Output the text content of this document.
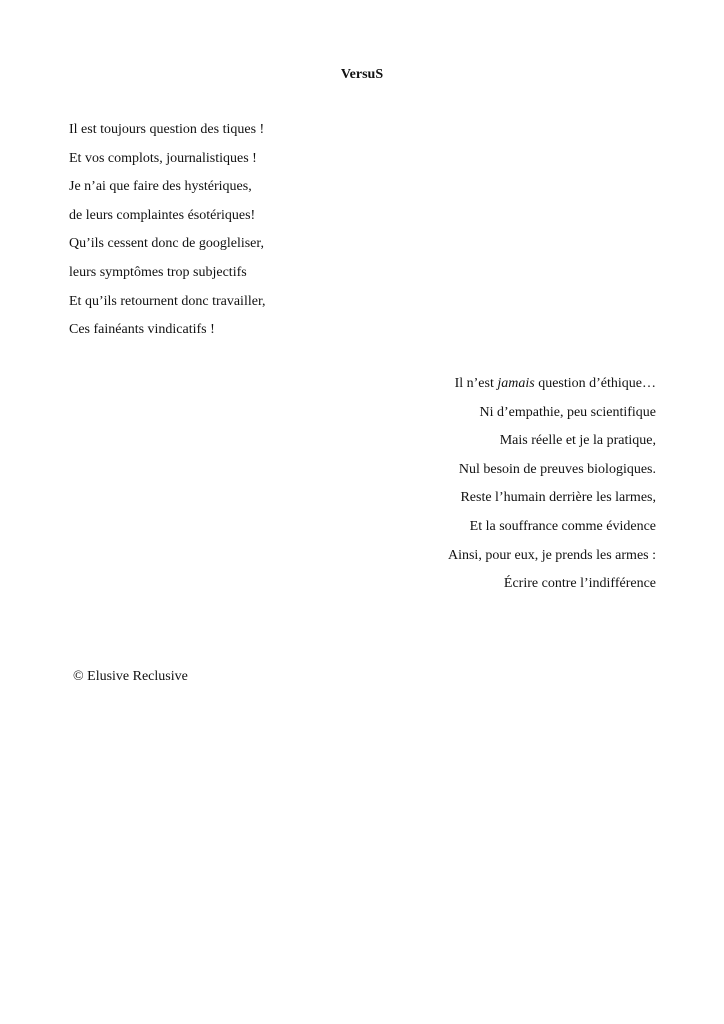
VersuS
Il est toujours question des tiques !
Et vos complots, journalistiques !
Je n’ai que faire des hystériques,
de leurs complaintes ésotériques!
Qu’ils cessent donc de googleliser,
leurs symptômes trop subjectifs
Et qu’ils retournent donc travailler,
Ces fainéants vindicatifs !
Il n’est jamais question d’éthique…
Ni d’empathie, peu scientifique
Mais réelle et je la pratique,
Nul besoin de preuves biologiques.
Reste l’humain derrière les larmes,
Et la souffrance comme évidence
Ainsi, pour eux, je prends les armes :
Écrire contre l’indifférence
© Elusive Reclusive
